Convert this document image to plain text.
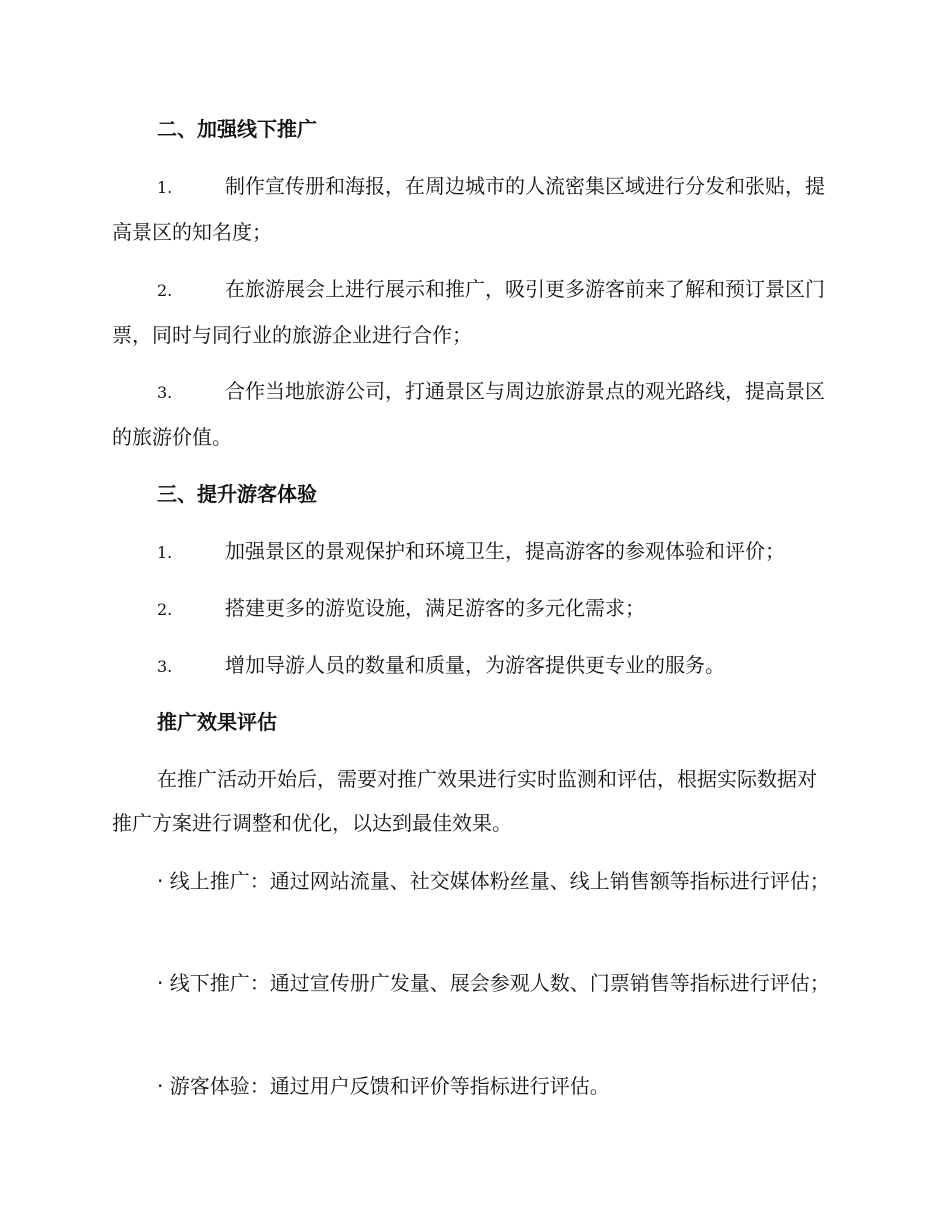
二、加强线下推广
1.	制作宣传册和海报，在周边城市的人流密集区域进行分发和张贴，提高景区的知名度；
2.	在旅游展会上进行展示和推广，吸引更多游客前来了解和预订景区门票，同时与同行业的旅游企业进行合作；
3.	合作当地旅游公司，打通景区与周边旅游景点的观光路线，提高景区的旅游价值。
三、提升游客体验
1.	加强景区的景观保护和环境卫生，提高游客的参观体验和评价；
2.	搭建更多的游览设施，满足游客的多元化需求；
3.	增加导游人员的数量和质量，为游客提供更专业的服务。
推广效果评估
在推广活动开始后，需要对推广效果进行实时监测和评估，根据实际数据对推广方案进行调整和优化，以达到最佳效果。
· 线上推广：通过网站流量、社交媒体粉丝量、线上销售额等指标进行评估；
· 线下推广：通过宣传册广发量、展会参观人数、门票销售等指标进行评估；
· 游客体验：通过用户反馈和评价等指标进行评估。
